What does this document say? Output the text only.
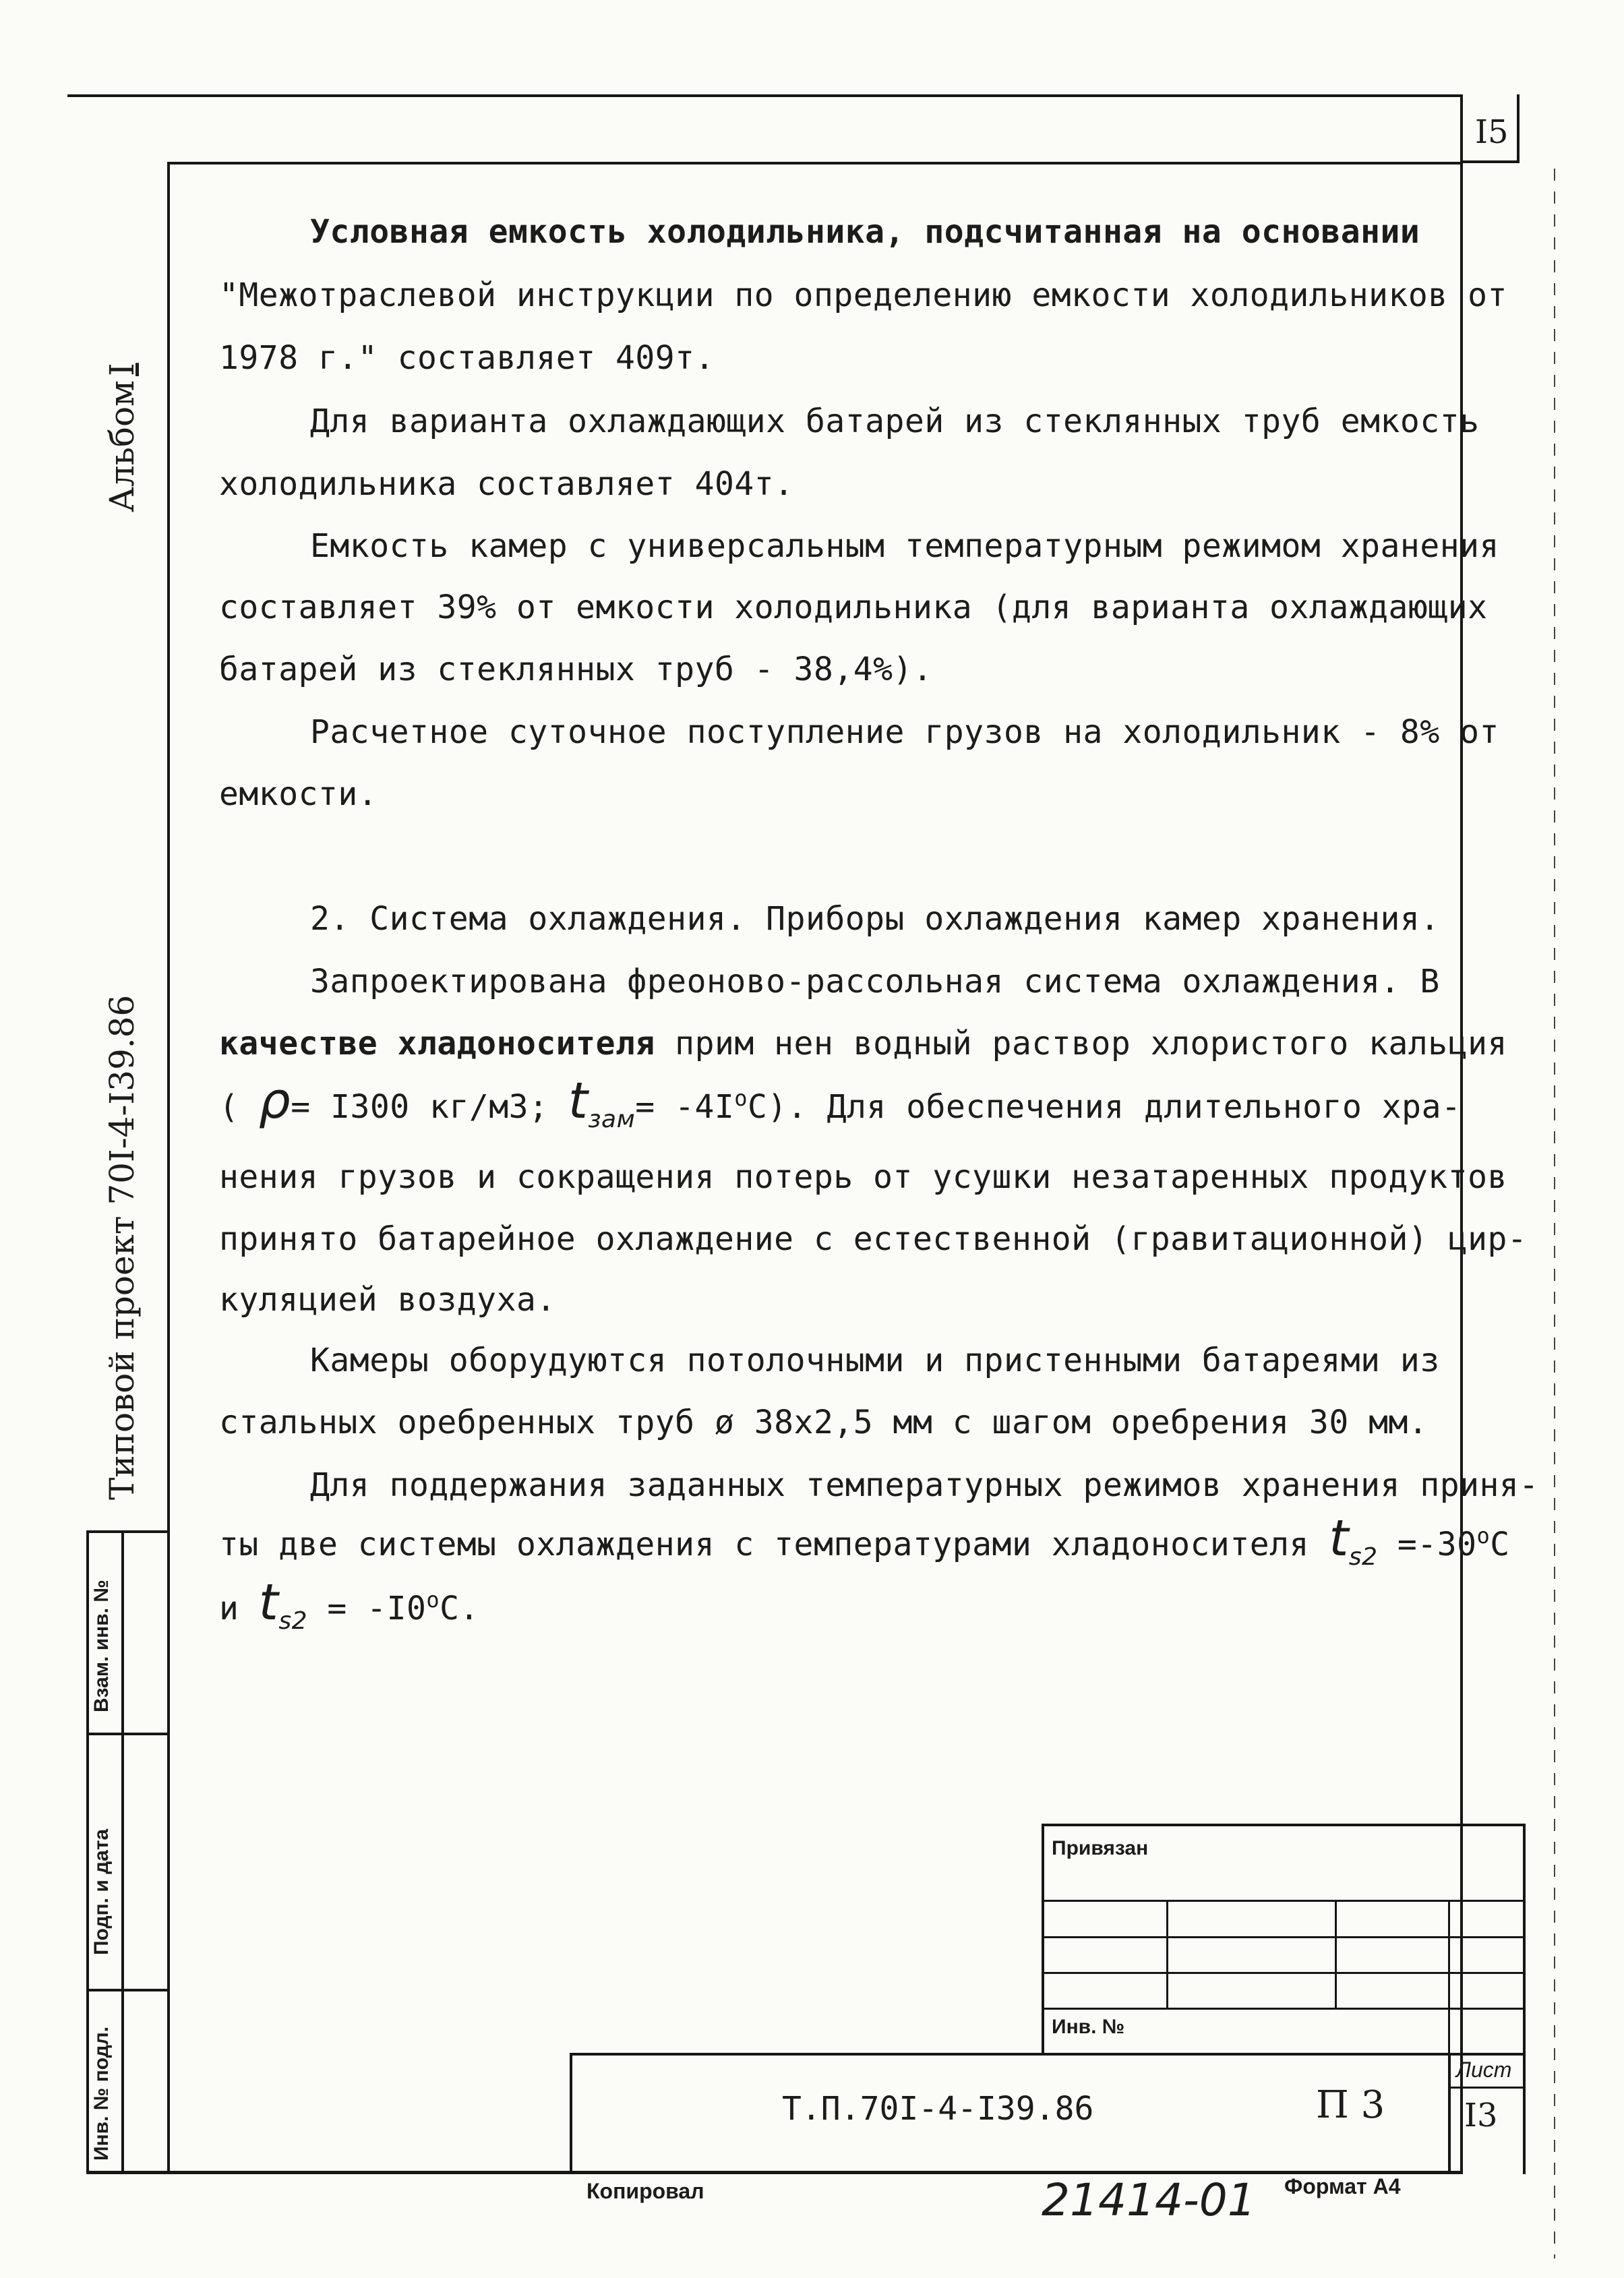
I5
АльбомI
Типовой проект 70I-4-I39.86
Взам. инв. №
Подп. и дата
Инв. № подл.
Условная емкость холодильника, подсчитанная на основании
"Межотраслевой инструкции по определению емкости холодильников от
1978 г." составляет 409т.
Для варианта охлаждающих батарей из стеклянных труб емкость
холодильника составляет 404т.
Емкость камер с универсальным температурным режимом хранения
составляет 39% от емкости холодильника (для варианта охлаждающих
батарей из стеклянных труб - 38,4%).
Расчетное суточное поступление грузов на холодильник - 8% от
емкости.
2. Система охлаждения. Приборы охлаждения камер хранения.
Запроектирована фреоново-рассольная система охлаждения. В
качестве хладоносителя прим нен водный раствор хлористого кальция
( ρ= I300 кг/м3; $t_{зам}= -4I^оС$). Для обеспечения длительного хра-
нения грузов и сокращения потерь от усушки незатаренных продуктов
принято батарейное охлаждение с естественной (гравитационной) цир-
куляцией воздуха.
Камеры оборудуются потолочными и пристенными батареями из
стальных оребренных труб ø 38х2,5 мм с шагом оребрения 30 мм.
Для поддержания заданных температурных режимов хранения приня-
ты две системы охлаждения с температурами хладоносителя $t_{s2} =-30^оС$
и $t_{s2} = -I0^оС$.
Привязан
Инв. №
Т.П.70I-4-I39.86	П 3
Лист
I3
Копировал	21414-01 Формат А4
